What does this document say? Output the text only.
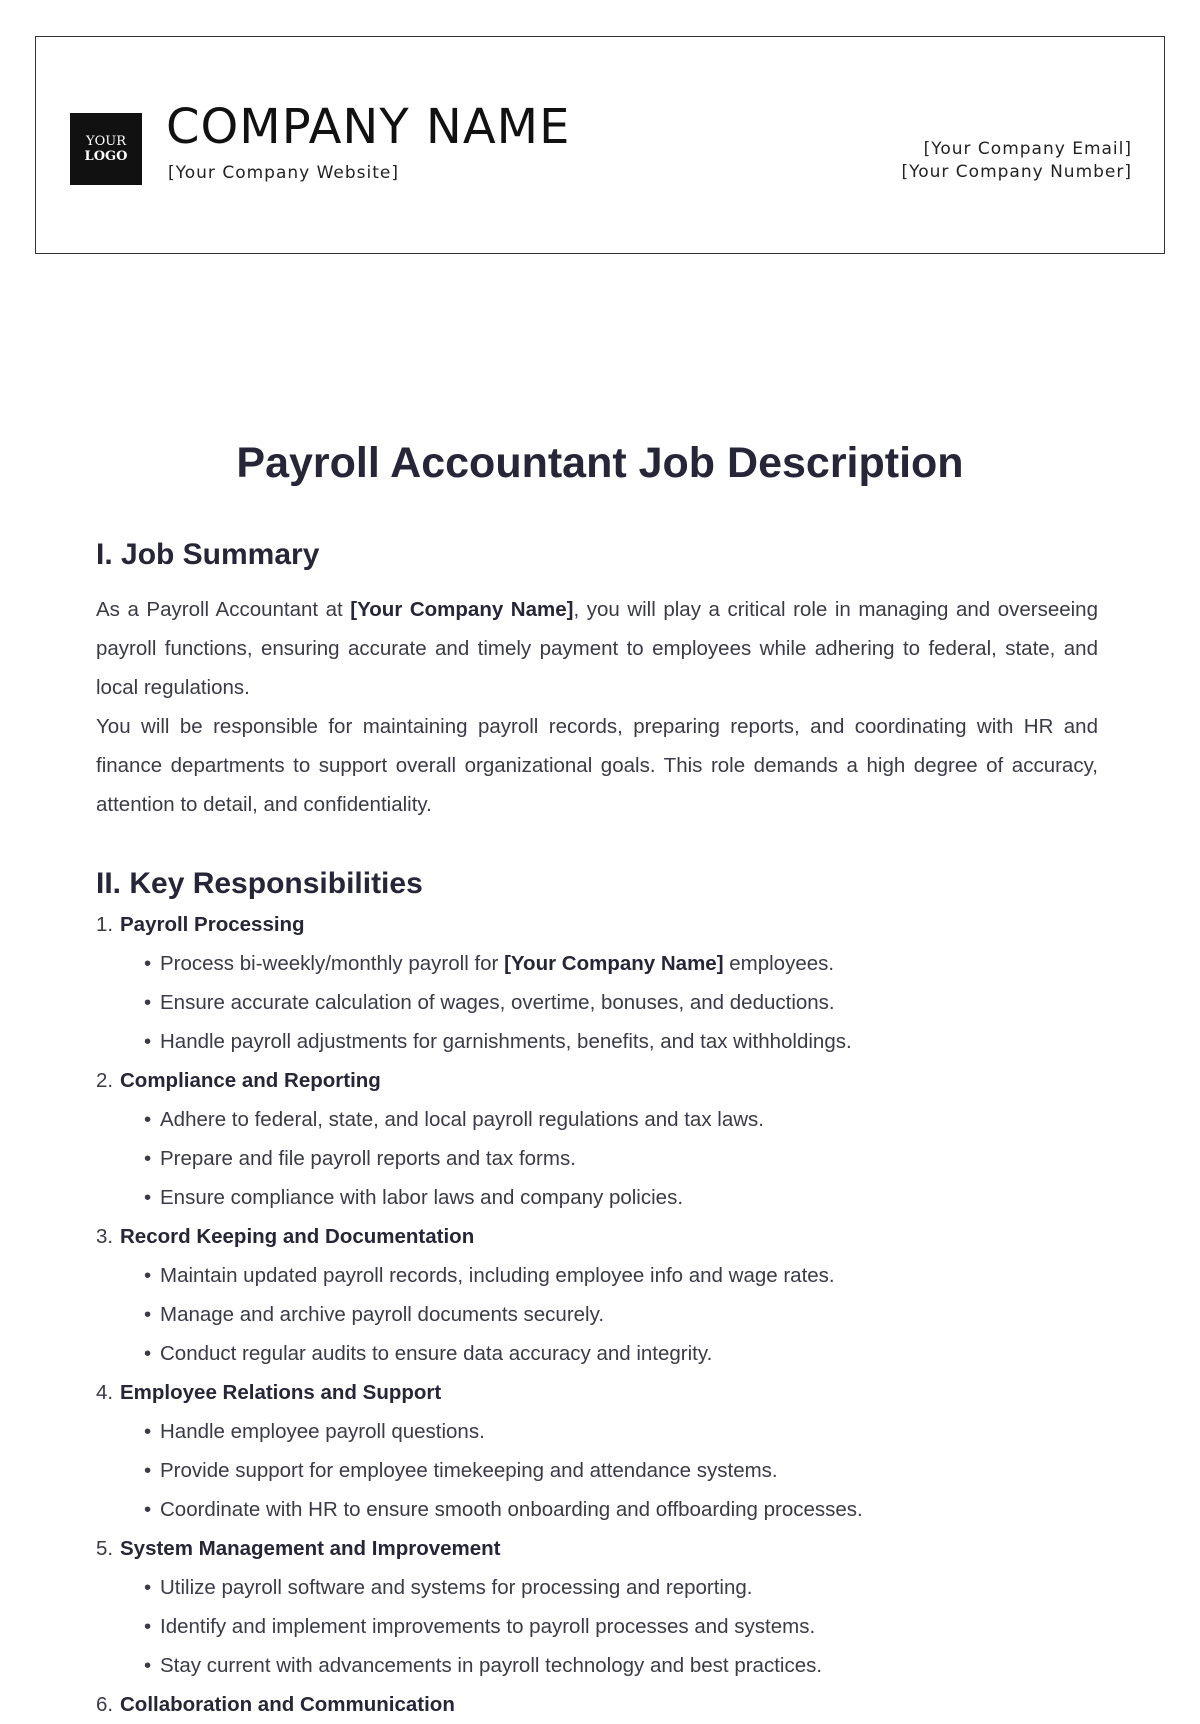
YOUR
LOGO
COMPANY NAME
[Your Company Website]
[Your Company Email]
[Your Company Number]
Payroll Accountant Job Description
I. Job Summary
As a Payroll Accountant at [Your Company Name], you will play a critical role in managing and overseeing payroll functions, ensuring accurate and timely payment to employees while adhering to federal, state, and local regulations.
You will be responsible for maintaining payroll records, preparing reports, and coordinating with HR and finance departments to support overall organizational goals. This role demands a high degree of accuracy, attention to detail, and confidentiality.
II. Key Responsibilities
1. Payroll Processing
• Process bi-weekly/monthly payroll for [Your Company Name] employees.
• Ensure accurate calculation of wages, overtime, bonuses, and deductions.
• Handle payroll adjustments for garnishments, benefits, and tax withholdings.
2. Compliance and Reporting
• Adhere to federal, state, and local payroll regulations and tax laws.
• Prepare and file payroll reports and tax forms.
• Ensure compliance with labor laws and company policies.
3. Record Keeping and Documentation
• Maintain updated payroll records, including employee info and wage rates.
• Manage and archive payroll documents securely.
• Conduct regular audits to ensure data accuracy and integrity.
4. Employee Relations and Support
• Handle employee payroll questions.
• Provide support for employee timekeeping and attendance systems.
• Coordinate with HR to ensure smooth onboarding and offboarding processes.
5. System Management and Improvement
• Utilize payroll software and systems for processing and reporting.
• Identify and implement improvements to payroll processes and systems.
• Stay current with advancements in payroll technology and best practices.
6. Collaboration and Communication
